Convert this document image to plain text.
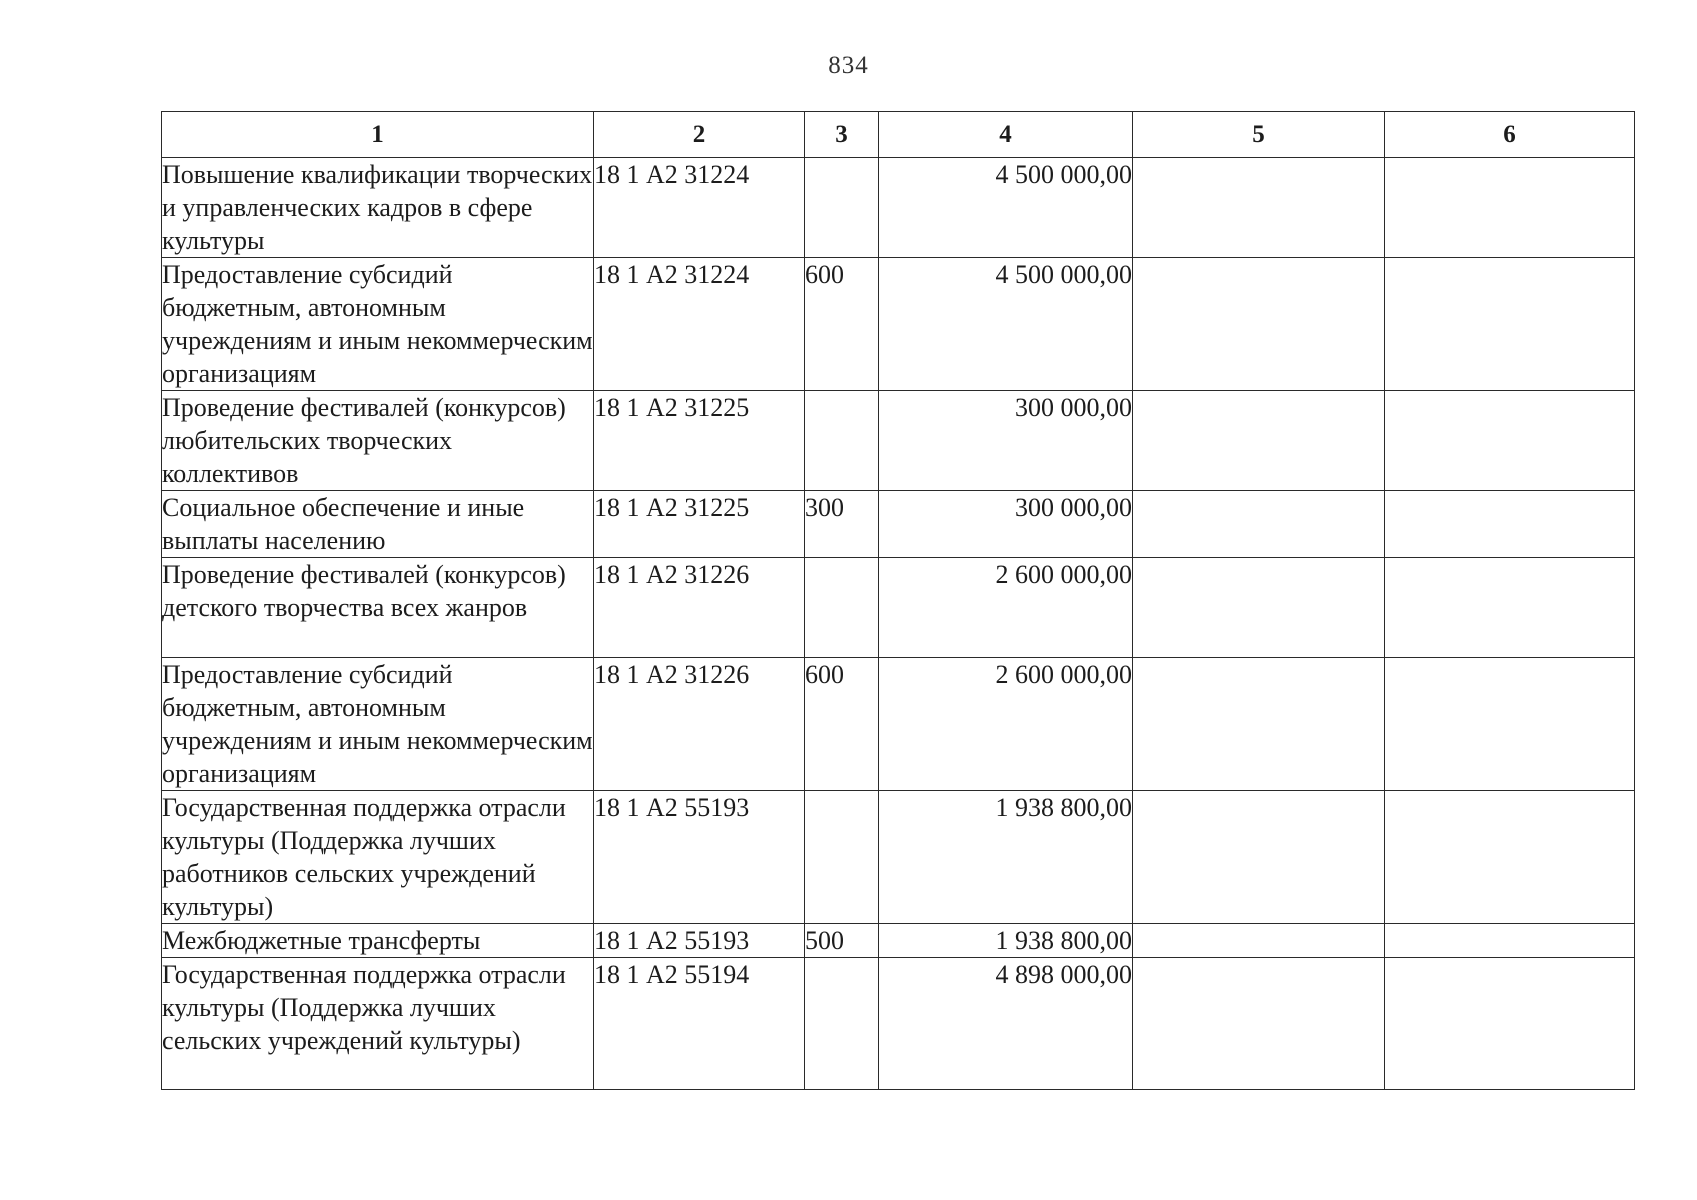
834
1	2	3	4	5	6
Повышение квалификации творческих и управленческих кадров в сфере культуры	18 1 А2 31224		4 500 000,00		
Предоставление субсидий бюджетным, автономным учреждениям и иным некоммерческим организациям	18 1 А2 31224	600	4 500 000,00		
Проведение фестивалей (конкурсов) любительских творческих коллективов	18 1 А2 31225		300 000,00		
Социальное обеспечение и иные выплаты населению	18 1 А2 31225	300	300 000,00		
Проведение фестивалей (конкурсов) детского творчества всех жанров	18 1 А2 31226		2 600 000,00		
Предоставление субсидий бюджетным, автономным учреждениям и иным некоммерческим организациям	18 1 А2 31226	600	2 600 000,00		
Государственная поддержка отрасли культуры (Поддержка лучших работников сельских учреждений культуры)	18 1 А2 55193		1 938 800,00		
Межбюджетные трансферты	18 1 А2 55193	500	1 938 800,00		
Государственная поддержка отрасли культуры (Поддержка лучших сельских учреждений культуры)	18 1 А2 55194		4 898 000,00		
